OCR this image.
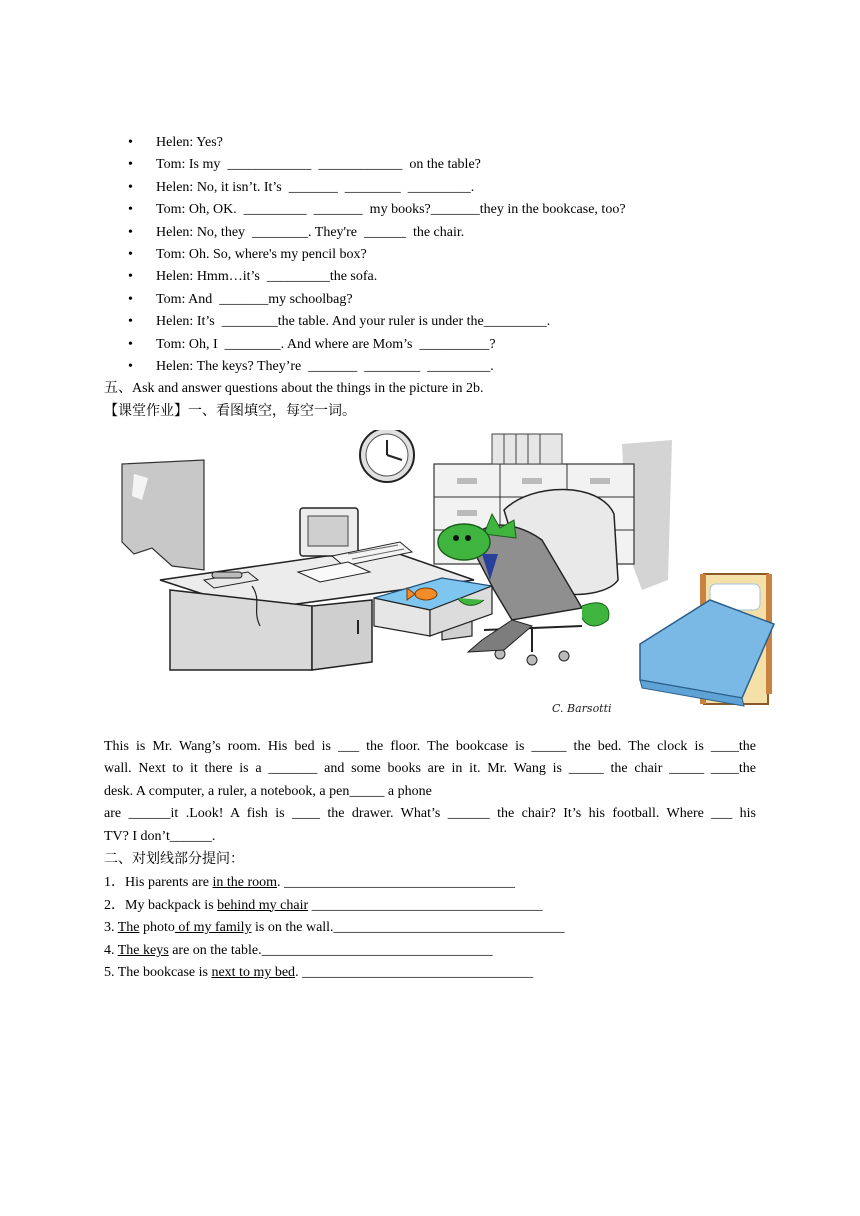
• Helen: Yes?
• Tom: Is my  ____________  ____________  on the table?
• Helen: No, it isn’t. It’s  _______  ________  _________.
• Tom: Oh, OK.  _________  _______  my books?_______they in the bookcase, too?
• Helen: No, they  ________. They're  ______  the chair.
• Tom: Oh. So, where's my pencil box?
• Helen: Hmm…it’s  _________the sofa.
• Tom: And  _______my schoolbag?
• Helen: It’s  ________the table. And your ruler is under the_________.
• Tom: Oh, I  ________. And where are Mom’s  __________?
• Helen: The keys? They’re  _______  ________  _________.
五、Ask and answer questions about the things in the picture in 2b.
【课堂作业】一、看图填空，每空一词。
C. Barsotti

This is Mr. Wang’s room. His bed is ___ the floor. The bookcase is _____ the bed. The clock is ____the

wall. Next to it there is a _______ and some books are in it. Mr. Wang is _____ the chair _____ ____the

desk. A computer, a ruler, a notebook, a pen_____ a phone

are ______it .Look! A fish is ____ the drawer. What’s ______ the chair? It’s his football. Where ___ his

TV? I don’t______.

二、对划线部分提问：
1．His parents are in the room. _________________________________
2．My backpack is behind my chair _________________________________
3. The photo of my family is on the wall._________________________________
4. The keys are on the table._________________________________
5. The bookcase is next to my bed. _________________________________
